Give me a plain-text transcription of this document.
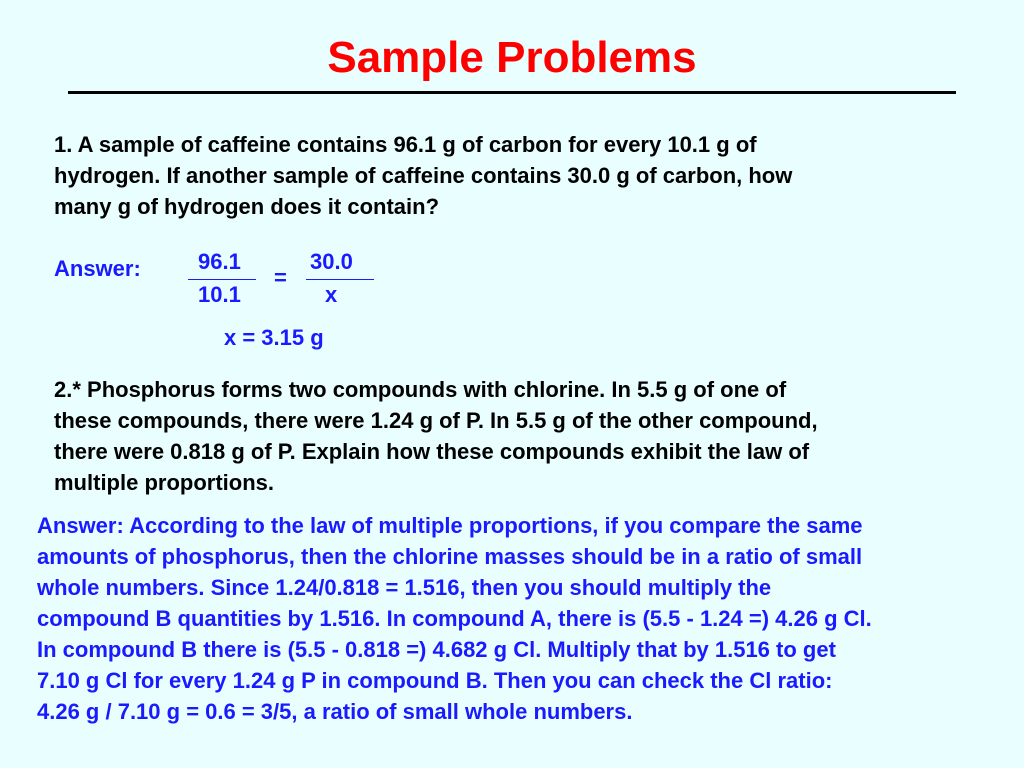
Sample Problems
1. A sample of caffeine contains 96.1 g of carbon for every 10.1 g of
hydrogen. If another sample of caffeine contains 30.0 g of carbon, how
many g of hydrogen does it contain?
Answer:	96.1
10.1
=
30.0
x
x = 3.15 g
2.* Phosphorus forms two compounds with chlorine. In 5.5 g of one of
these compounds, there were 1.24 g of P. In 5.5 g of the other compound,
there were 0.818 g of P. Explain how these compounds exhibit the law of
multiple proportions.
Answer: According to the law of multiple proportions, if you compare the same
amounts of phosphorus, then the chlorine masses should be in a ratio of small
whole numbers. Since 1.24/0.818 = 1.516, then you should multiply the
compound B quantities by 1.516. In compound A, there is (5.5 - 1.24 =) 4.26 g Cl.
In compound B there is (5.5 - 0.818 =) 4.682 g Cl. Multiply that by 1.516 to get
7.10 g Cl for every 1.24 g P in compound B. Then you can check the Cl ratio:
4.26 g / 7.10 g = 0.6 = 3/5, a ratio of small whole numbers.
